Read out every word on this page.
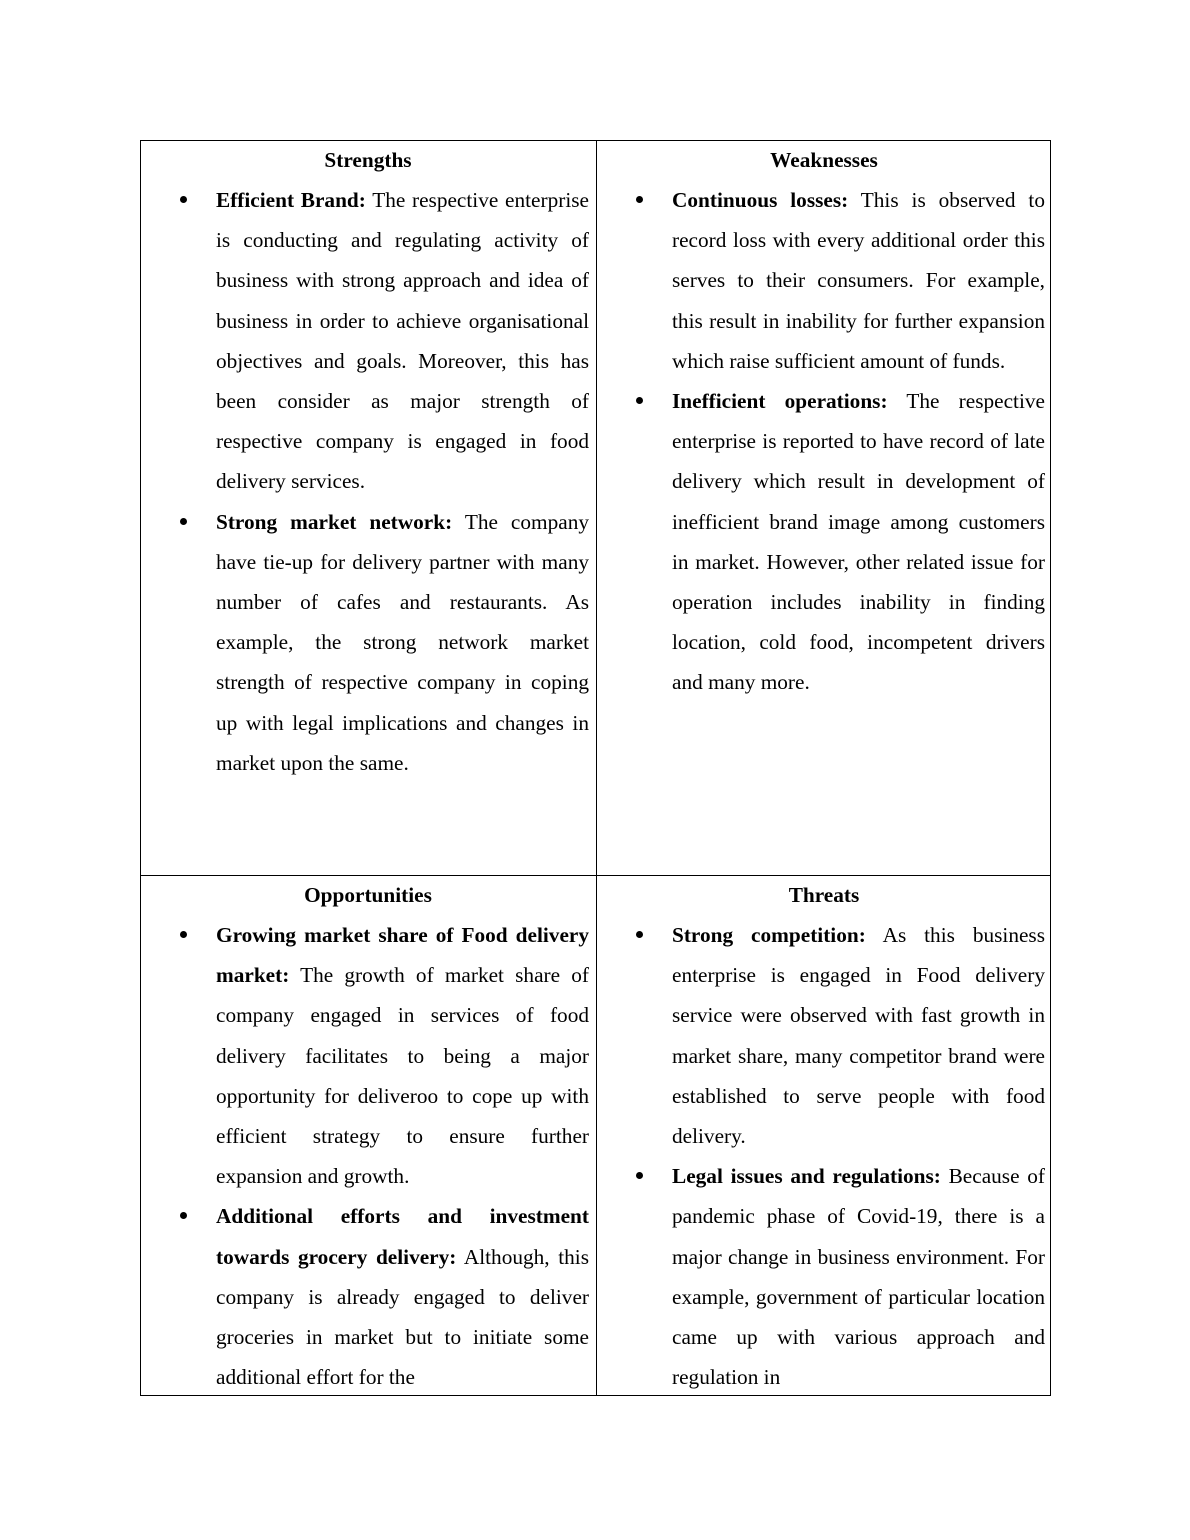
Strengths
Efficient Brand: The respective enterprise is conducting and regulating activity of business with strong approach and idea of business in order to achieve organisational objectives and goals. Moreover, this has been consider as major strength of respective company is engaged in food delivery services.
Strong market network: The company have tie-up for delivery partner with many number of cafes and restaurants. As example, the strong network market strength of respective company in coping up with legal implications and changes in market upon the same.
Weaknesses
Continuous losses: This is observed to record loss with every additional order this serves to their consumers. For example, this result in inability for further expansion which raise sufficient amount of funds.
Inefficient operations: The respective enterprise is reported to have record of late delivery which result in development of inefficient brand image among customers in market. However, other related issue for operation includes inability in finding location, cold food, incompetent drivers and many more.
Opportunities
Growing market share of Food delivery market: The growth of market share of company engaged in services of food delivery facilitates to being a major opportunity for deliveroo to cope up with efficient strategy to ensure further expansion and growth.
Additional efforts and investment towards grocery delivery: Although, this company is already engaged to deliver groceries in market but to initiate some additional effort for the
Threats
Strong competition: As this business enterprise is engaged in Food delivery service were observed with fast growth in market share, many competitor brand were established to serve people with food delivery.
Legal issues and regulations: Because of pandemic phase of Covid-19, there is a major change in business environment. For example, government of particular location came up with various approach and regulation in
